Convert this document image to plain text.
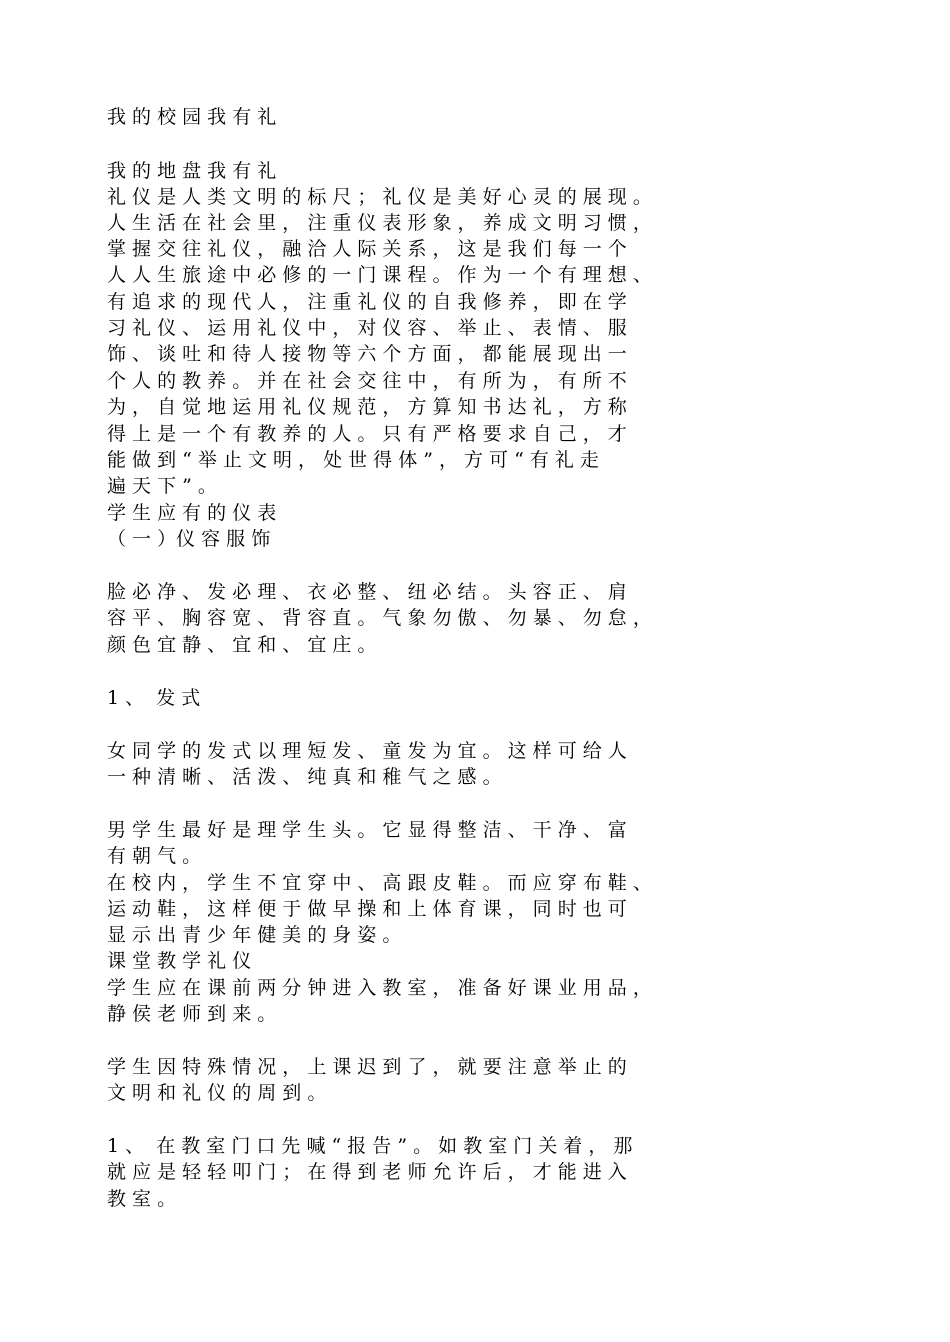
我 的 校 园 我 有 礼

我 的 地 盘 我 有 礼

礼 仪 是 人 类 文 明 的 标 尺 ； 礼 仪 是 美 好 心 灵 的 展 现 。

人 生 活 在 社 会 里 ， 注 重 仪 表 形 象 ， 养 成 文 明 习 惯 ，

掌 握 交 往 礼 仪 ， 融 洽 人 际 关 系 ， 这 是 我 们 每 一 个

人 人 生 旅 途 中 必 修 的 一 门 课 程 。 作 为 一 个 有 理 想 、

有 追 求 的 现 代 人 ， 注 重 礼 仪 的 自 我 修 养 ， 即 在 学

习 礼 仪 、 运 用 礼 仪 中 ， 对 仪 容 、 举 止 、 表 情 、 服

饰 、 谈 吐 和 待 人 接 物 等 六 个 方 面 ， 都 能 展 现 出 一

个 人 的 教 养 。 并 在 社 会 交 往 中 ， 有 所 为 ， 有 所 不

为 ， 自 觉 地 运 用 礼 仪 规 范 ， 方 算 知 书 达 礼 ， 方 称

得 上 是 一 个 有 教 养 的 人 。 只 有 严 格 要 求 自 己 ， 才

能 做 到 “ 举 止 文 明 ， 处 世 得 体 ” ， 方 可 “ 有 礼 走

遍 天 下 ” 。

学 生 应 有 的 仪 表

（ 一 ）仪 容 服 饰

脸 必 净 、 发 必 理 、 衣 必 整 、 纽 必 结 。 头 容 正 、 肩

容 平 、 胸 容 宽 、 背 容 直 。 气 象 勿 傲 、 勿 暴 、 勿 怠 ，

颜 色 宜 静 、 宜 和 、 宜 庄 。

1 、  发 式

女 同 学 的 发 式 以 理 短 发 、 童 发 为 宜 。 这 样 可 给 人

一 种 清 晰 、 活 泼 、 纯 真 和 稚 气 之 感 。

男 学 生 最 好 是 理 学 生 头 。 它 显 得 整 洁 、 干 净 、 富

有 朝 气 。

在 校 内 ， 学 生 不 宜 穿 中 、 高 跟 皮 鞋 。 而 应 穿 布 鞋 、

运 动 鞋 ， 这 样 便 于 做 早 操 和 上 体 育 课 ， 同 时 也 可

显 示 出 青 少 年 健 美 的 身 姿 。

课 堂 教 学 礼 仪

学 生 应 在 课 前 两 分 钟 进 入 教 室 ， 准 备 好 课 业 用 品 ，

静 侯 老 师 到 来 。

学 生 因 特 殊 情 况 ， 上 课 迟 到 了 ， 就 要 注 意 举 止 的

文 明 和 礼 仪 的 周 到 。

1 、  在 教 室 门 口 先 喊 “ 报 告 ” 。 如 教 室 门 关 着 ， 那

就 应 是 轻 轻 叩 门 ； 在 得 到 老 师 允 许 后 ， 才 能 进 入

教 室 。
